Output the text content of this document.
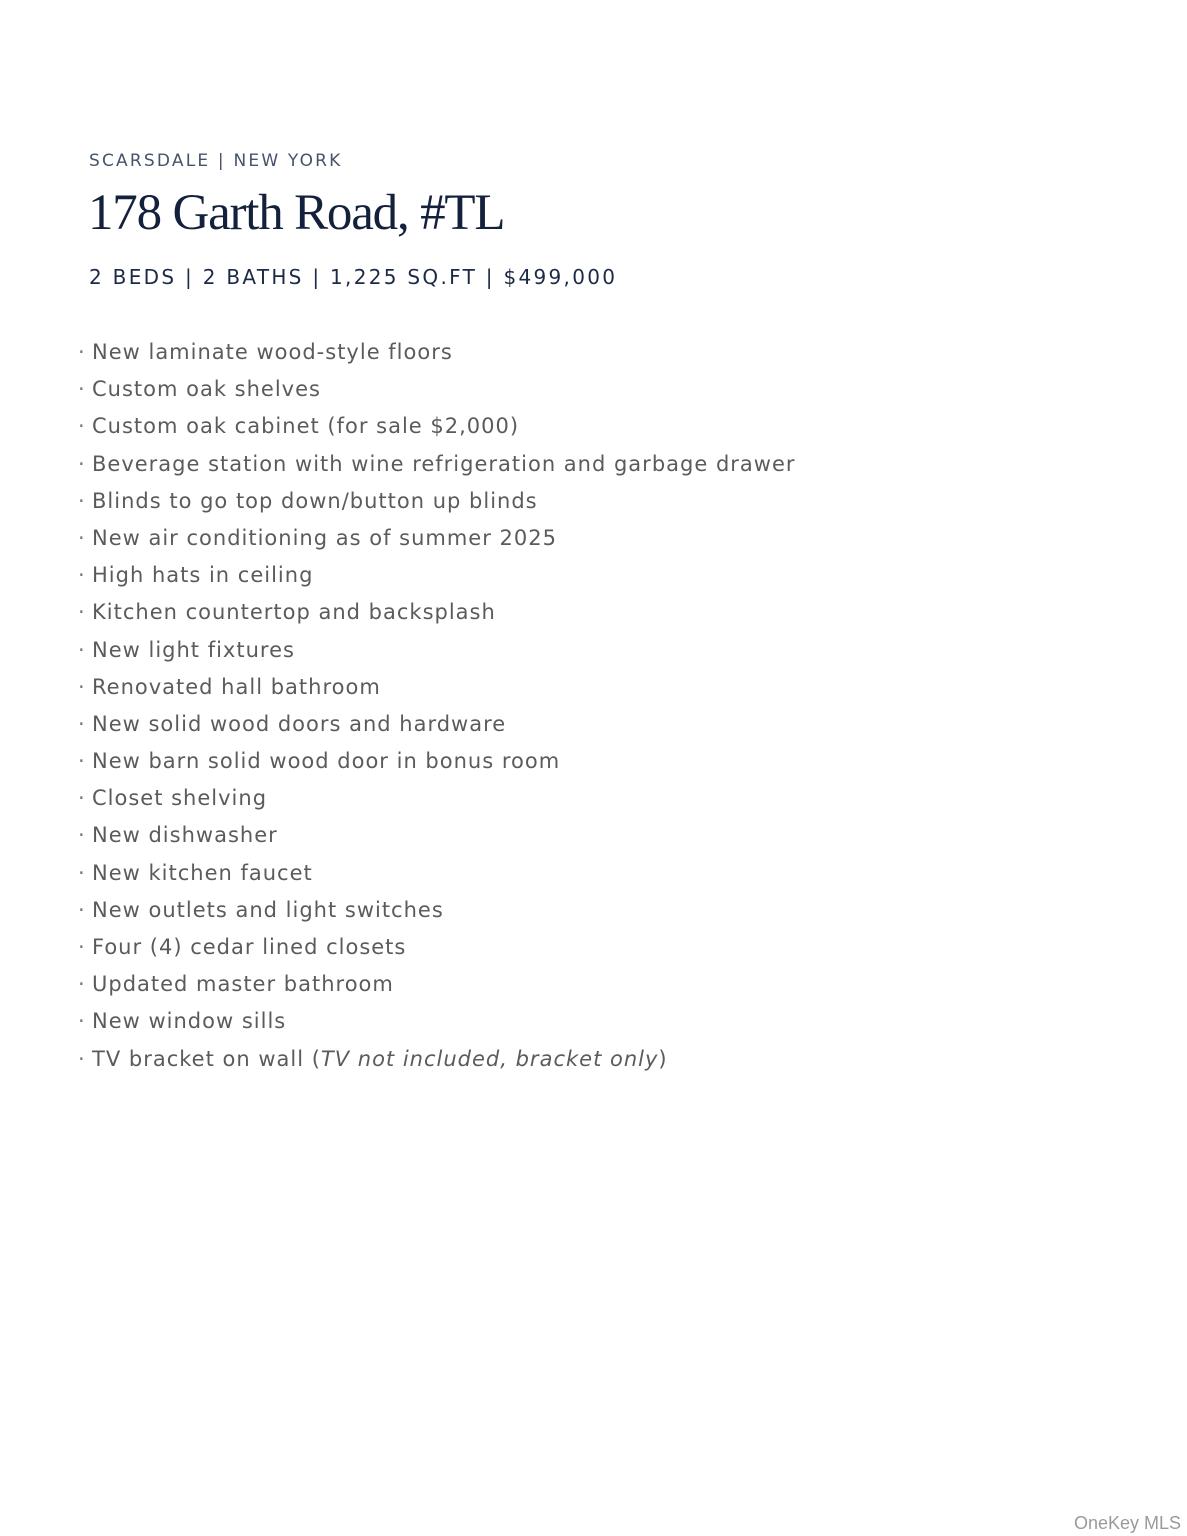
SCARSDALE | NEW YORK
178 Garth Road, #TL
2 BEDS | 2 BATHS | 1,225 SQ.FT | $499,000
· New laminate wood-style floors
· Custom oak shelves
· Custom oak cabinet (for sale $2,000)
· Beverage station with wine refrigeration and garbage drawer
· Blinds to go top down/button up blinds
· New air conditioning as of summer 2025
· High hats in ceiling
· Kitchen countertop and backsplash
· New light fixtures
· Renovated hall bathroom
· New solid wood doors and hardware
· New barn solid wood door in bonus room
· Closet shelving
· New dishwasher
· New kitchen faucet
· New outlets and light switches
· Four (4) cedar lined closets
· Updated master bathroom
· New window sills
· TV bracket on wall (TV not included, bracket only)
OneKey MLS
